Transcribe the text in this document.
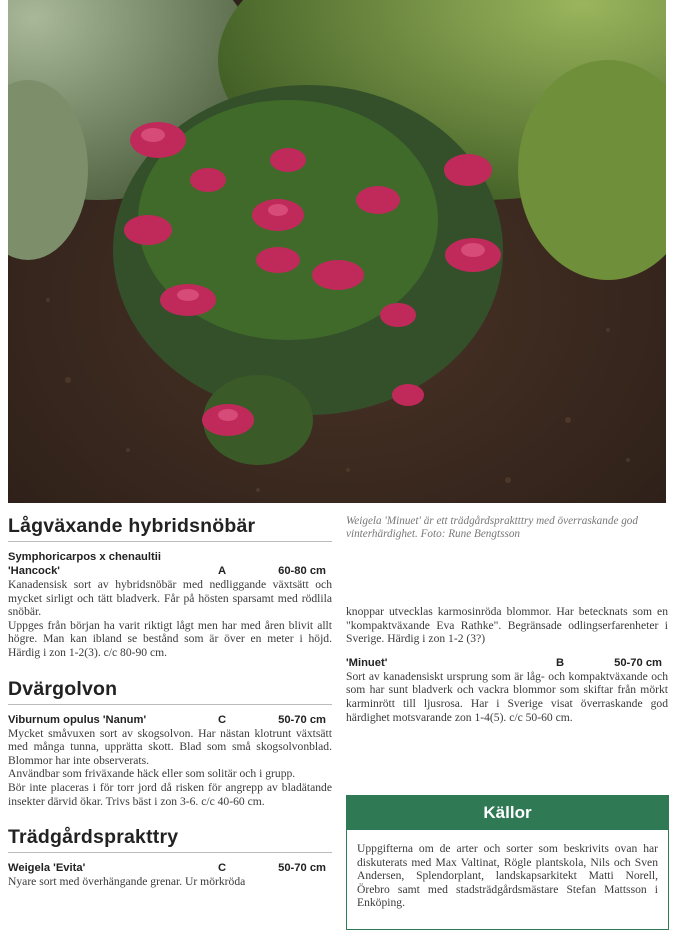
Lågväxande hybridsnöbär
Symphoricarpos x chenaultii
'Hancock'	A	60-80 cm

Kanadensisk sort av hybridsnöbär med nedliggande växtsätt och mycket sirligt och tätt bladverk. Får på hösten sparsamt med rödlila snöbär.

Uppges från början ha varit riktigt lågt men har med åren blivit allt högre. Man kan ibland se bestånd som är över en meter i höjd. Härdig i zon 1-2(3). c/c 80-90 cm.

Dvärgolvon
Viburnum opulus 'Nanum'	C	50-70 cm

Mycket småvuxen sort av skogsolvon. Har nästan klotrunt växtsätt med många tunna, upprätta skott. Blad som små skogsolvonblad. Blommor har inte observerats.

Användbar som friväxande häck eller som solitär och i grupp.

Bör inte placeras i för torr jord då risken för angrepp av bladätande insekter därvid ökar. Trivs bäst i zon 3-6. c/c 40-60 cm.

Trädgårdsprakttry
Weigela 'Evita'	C	50-70 cm

Nyare sort med överhängande grenar. Ur mörkröda

Weigela 'Minuet' är ett trädgårdspraktttry med överraskande god vinterhärdighet. Foto: Rune Bengtsson

knoppar utvecklas karmosinröda blommor. Har betecknats som en "kompaktväxande Eva Rathke". Begränsade odlingserfarenheter i Sverige. Härdig i zon 1-2 (3?)

'Minuet'	B	50-70 cm

Sort av kanadensiskt ursprung som är låg- och kompaktväxande och som har sunt bladverk och vackra blommor som skiftar från mörkt karminrött till ljusrosa. Har i Sverige visat överraskande god härdighet motsvarande zon 1-4(5). c/c 50-60 cm.

Källor
Uppgifterna om de arter och sorter som beskrivits ovan har diskuterats med Max Valtinat, Rögle plantskola, Nils och Sven Andersen, Splendorplant, landskapsarkitekt Matti Norell, Örebro samt med stadsträdgårdsmästare Stefan Mattsson i Enköping.
